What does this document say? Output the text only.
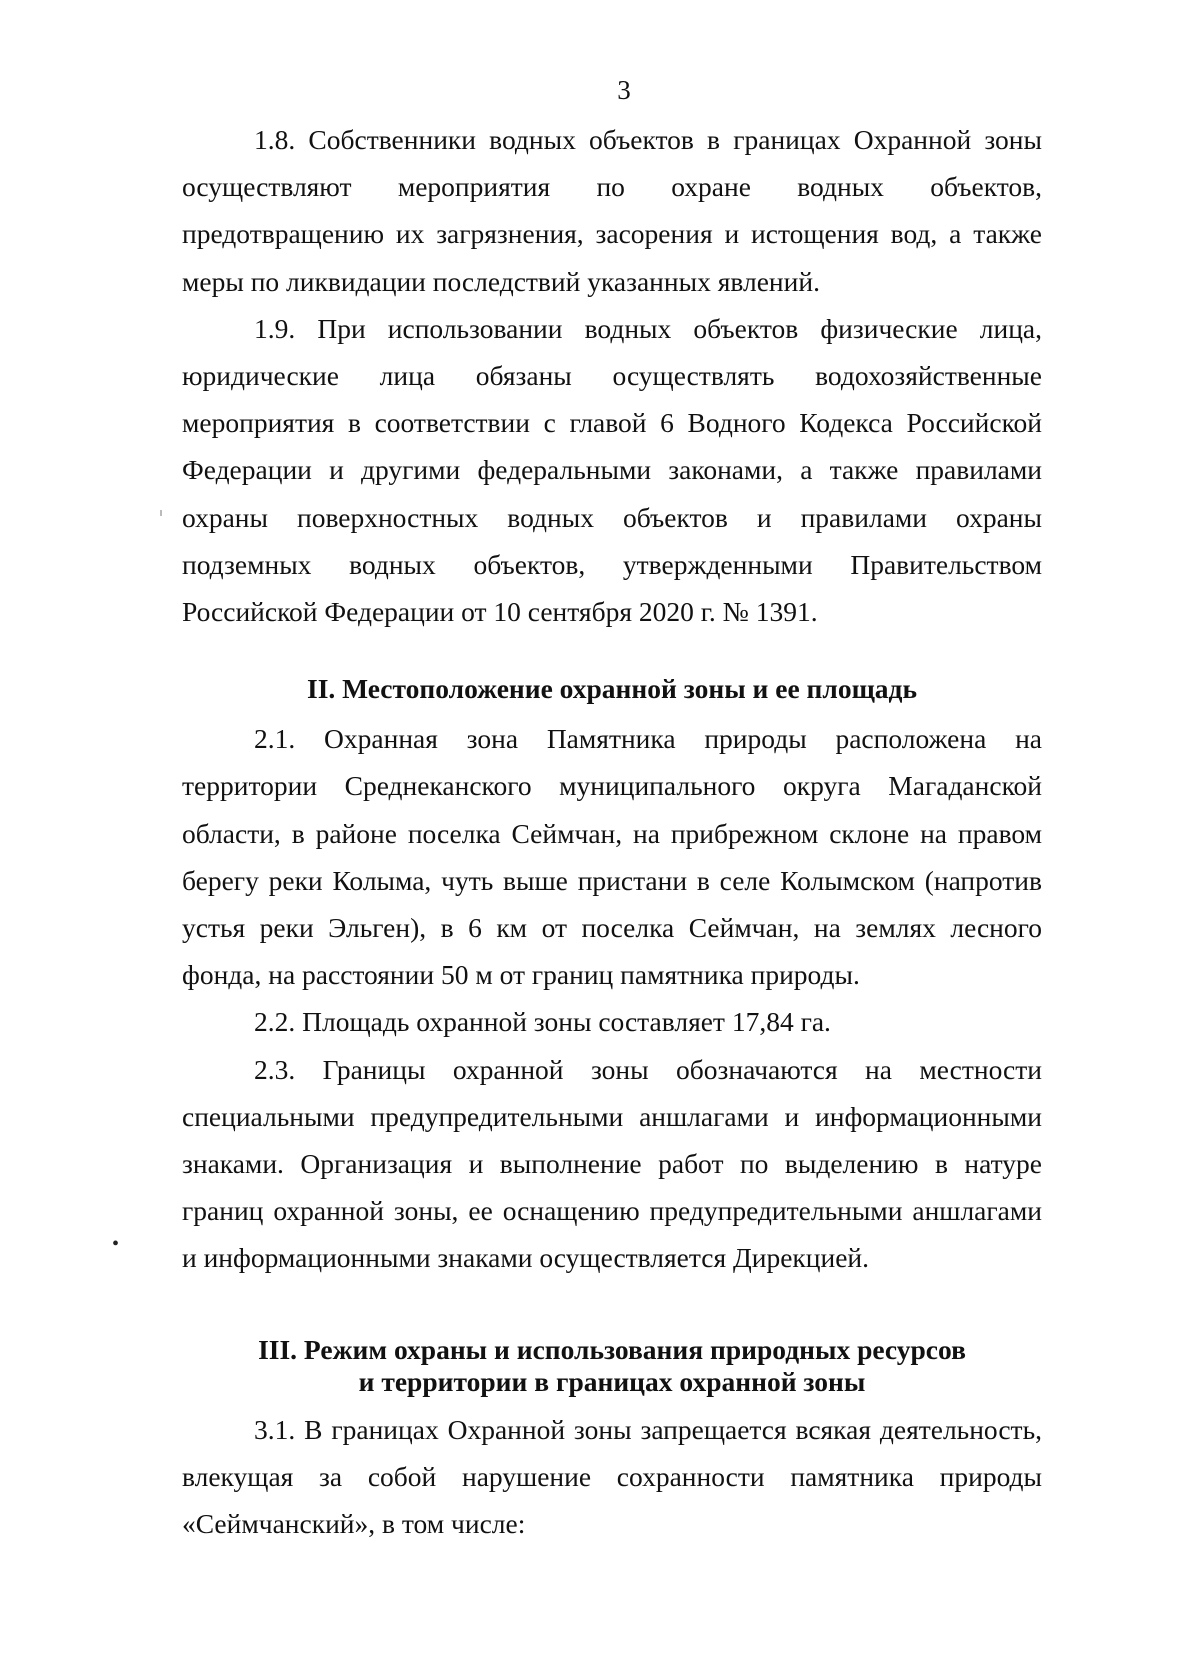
3
•

1.8. Собственники водных объектов в границах Охранной зоны осуществляют мероприятия по охране водных объектов, предотвращению их загрязнения, засорения и истощения вод, а также меры по ликвидации последствий указанных явлений.

1.9. При использовании водных объектов физические лица, юридические лица обязаны осуществлять водохозяйственные мероприятия в соответствии с главой 6 Водного Кодекса Российской Федерации и другими федеральными законами, а также правилами охраны поверхностных водных объектов и правилами охраны подземных водных объектов, утвержденными Правительством Российской Федерации от 10 сентября 2020 г. № 1391.

II. Местоположение охранной зоны и ее площадь

2.1. Охранная зона Памятника природы расположена на территории Среднеканского муниципального округа Магаданской области, в районе поселка Сеймчан, на прибрежном склоне на правом берегу реки Колыма, чуть выше пристани в селе Колымском (напротив устья реки Эльген), в 6 км от поселка Сеймчан, на землях лесного фонда, на расстоянии 50 м от границ памятника природы.

2.2. Площадь охранной зоны составляет 17,84 га.

2.3. Границы охранной зоны обозначаются на местности специальными предупредительными аншлагами и информационными знаками. Организация и выполнение работ по выделению в натуре границ охранной зоны, ее оснащению предупредительными аншлагами и информационными знаками осуществляется Дирекцией.

III. Режим охраны и использования природных ресурсов
и территории в границах охранной зоны

3.1. В границах Охранной зоны запрещается всякая деятельность, влекущая за собой нарушение сохранности памятника природы «Сеймчанский», в том числе:
